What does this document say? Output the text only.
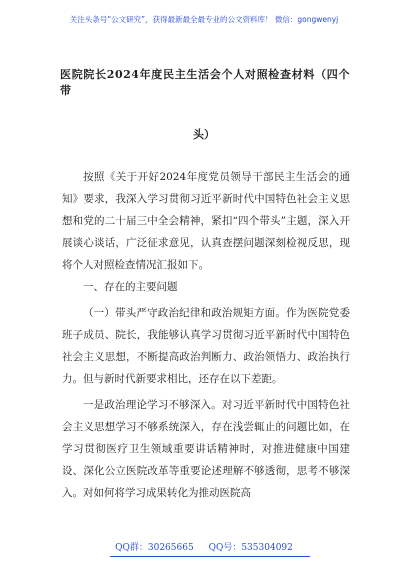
关注头条号“公文研究”，获得最新最全最专业的公文资料库！ 微信：gongwenyj
医院院长2024年度民主生活会个人对照检查材料（四个带
头）

按照《关于开好2024年度党员领导干部民主生活会的通知》要求，我深入学习贯彻习近平新时代中国特色社会主义思想和党的二十届三中全会精神，紧扣“四个带头”主题，深入开展谈心谈话，广泛征求意见，认真查摆问题深刻检视反思，现将个人对照检查情况汇报如下。

一、存在的主要问题

（一）带头严守政治纪律和政治规矩方面。作为医院党委班子成员、院长，我能够认真学习贯彻习近平新时代中国特色社会主义思想，不断提高政治判断力、政治领悟力、政治执行力。但与新时代新要求相比，还存在以下差距。

一是政治理论学习不够深入。对习近平新时代中国特色社会主义思想学习不够系统深入，存在浅尝辄止的问题比如，在学习贯彻医疗卫生领域重要讲话精神时，对推进健康中国建设、深化公立医院改革等重要论述理解不够透彻，思考不够深入。对如何将学习成果转化为推动医院高

QQ群：30265665 QQ号：535304092
